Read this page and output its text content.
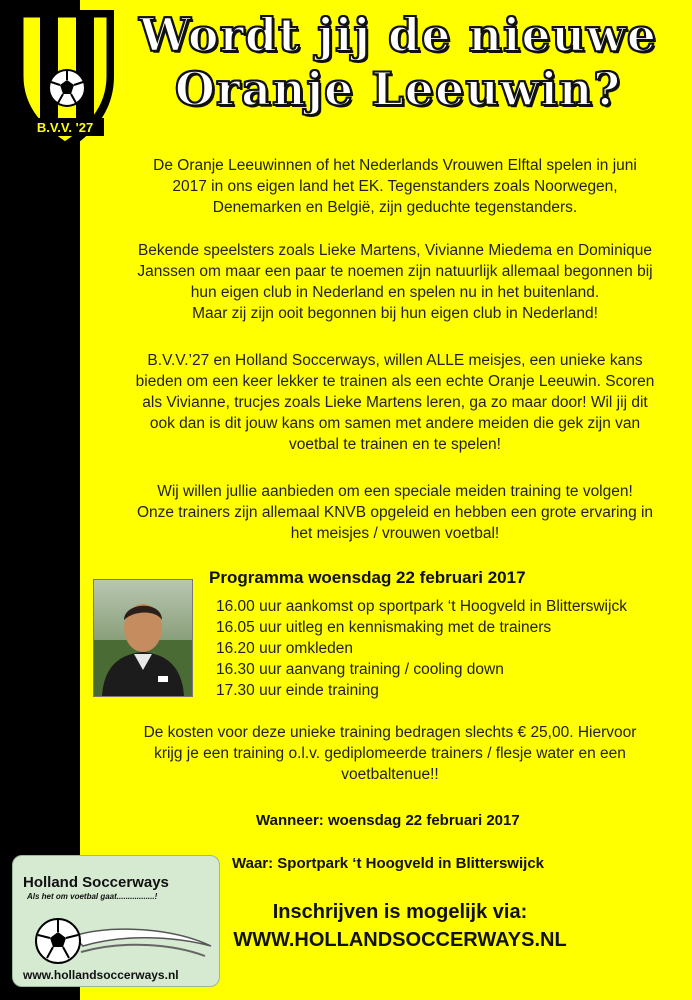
B.V.V. '27
Wordt jij de nieuwe
Oranje Leeuwin?
De Oranje Leeuwinnen of het Nederlands Vrouwen Elftal spelen in juni
2017 in ons eigen land het EK. Tegenstanders zoals Noorwegen,
Denemarken en België, zijn geduchte tegenstanders.
Bekende speelsters zoals Lieke Martens, Vivianne Miedema en Dominique
Janssen om maar een paar te noemen zijn natuurlijk allemaal begonnen bij
hun eigen club in Nederland en spelen nu in het buitenland.
Maar zij zijn ooit begonnen bij hun eigen club in Nederland!
B.V.V.’27 en Holland Soccerways, willen ALLE meisjes, een unieke kans
bieden om een keer lekker te trainen als een echte Oranje Leeuwin. Scoren
als Vivianne, trucjes zoals Lieke Martens leren, ga zo maar door! Wil jij dit
ook dan is dit jouw kans om samen met andere meiden die gek zijn van
voetbal te trainen en te spelen!
Wij willen jullie aanbieden om een speciale meiden training te volgen!
Onze trainers zijn allemaal KNVB opgeleid en hebben een grote ervaring in
het meisjes / vrouwen voetbal!
Programma woensdag 22 februari 2017
16.00 uur aankomst op sportpark ‘t Hoogveld in Blitterswijck
16.05 uur uitleg en kennismaking met de trainers
16.20 uur omkleden
16.30 uur aanvang training / cooling down
17.30 uur einde training
De kosten voor deze unieke training bedragen slechts € 25,00. Hiervoor
krijg je een training o.l.v. gediplomeerde trainers / flesje water en een
voetbaltenue!!
Wanneer: woensdag 22 februari 2017
Waar: Sportpark ‘t Hoogveld in Blitterswijck
Inschrijven is mogelijk via:
WWW.HOLLANDSOCCERWAYS.NL
Holland Soccerways
Als het om voetbal gaat.................!
www.hollandsoccerways.nl
